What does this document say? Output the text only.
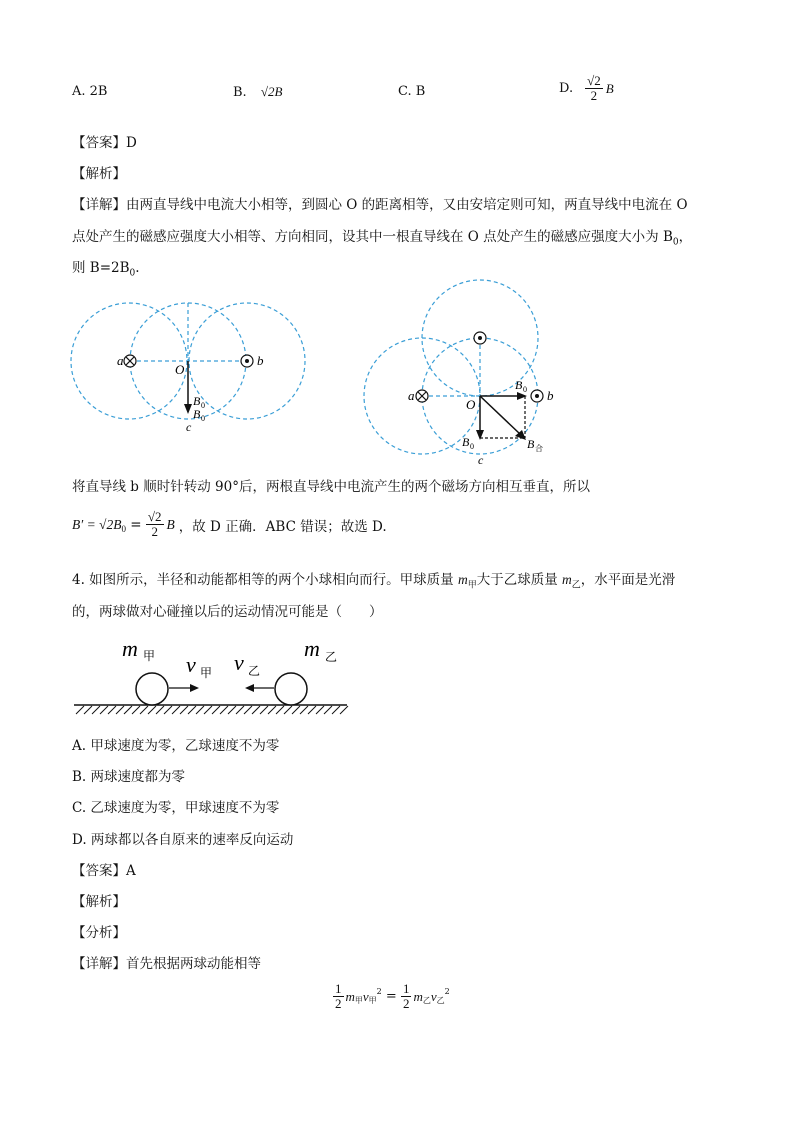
A. 2B	B. √2B	C. B	D. $\frac{√2}{2}$ B
【答案】D
【解析】
【详解】由两直导线中电流大小相等，到圆心 O 的距离相等，又由安培定则可知，两直导线中电流在 O
点处产生的磁感应强度大小相等、方向相同，设其中一根直导线在 O 点处产生的磁感应强度大小为 $B_0$，
则 $B=2B_0$.
a	b
O
c
B 0
B 0
a	b
O
c
B 0
B 0	B 合
将直导线 b 顺时针转动 90°后，两根直导线中电流产生的两个磁场方向相互垂直，所以
$B' = √2B_0 = \frac{√2}{2}$ B ，故 D 正确．ABC 错误；故选 D.
4. 如图所示，半径和动能都相等的两个小球相向而行。甲球质量 $m_甲$大于乙球质量 $m_乙$，水平面是光滑
的，两球做对心碰撞以后的运动情况可能是（　　）
m 甲 v 甲 v 乙
m 乙
A. 甲球速度为零，乙球速度不为零
B. 两球速度都为零
C. 乙球速度为零，甲球速度不为零
D. 两球都以各自原来的速率反向运动
【答案】A
【解析】
【分析】
【详解】首先根据两球动能相等
$\frac{1}{2} m_甲$ $v_甲$
$^2 = \frac{1}{2} m_乙$ $v_乙$
$^2$
